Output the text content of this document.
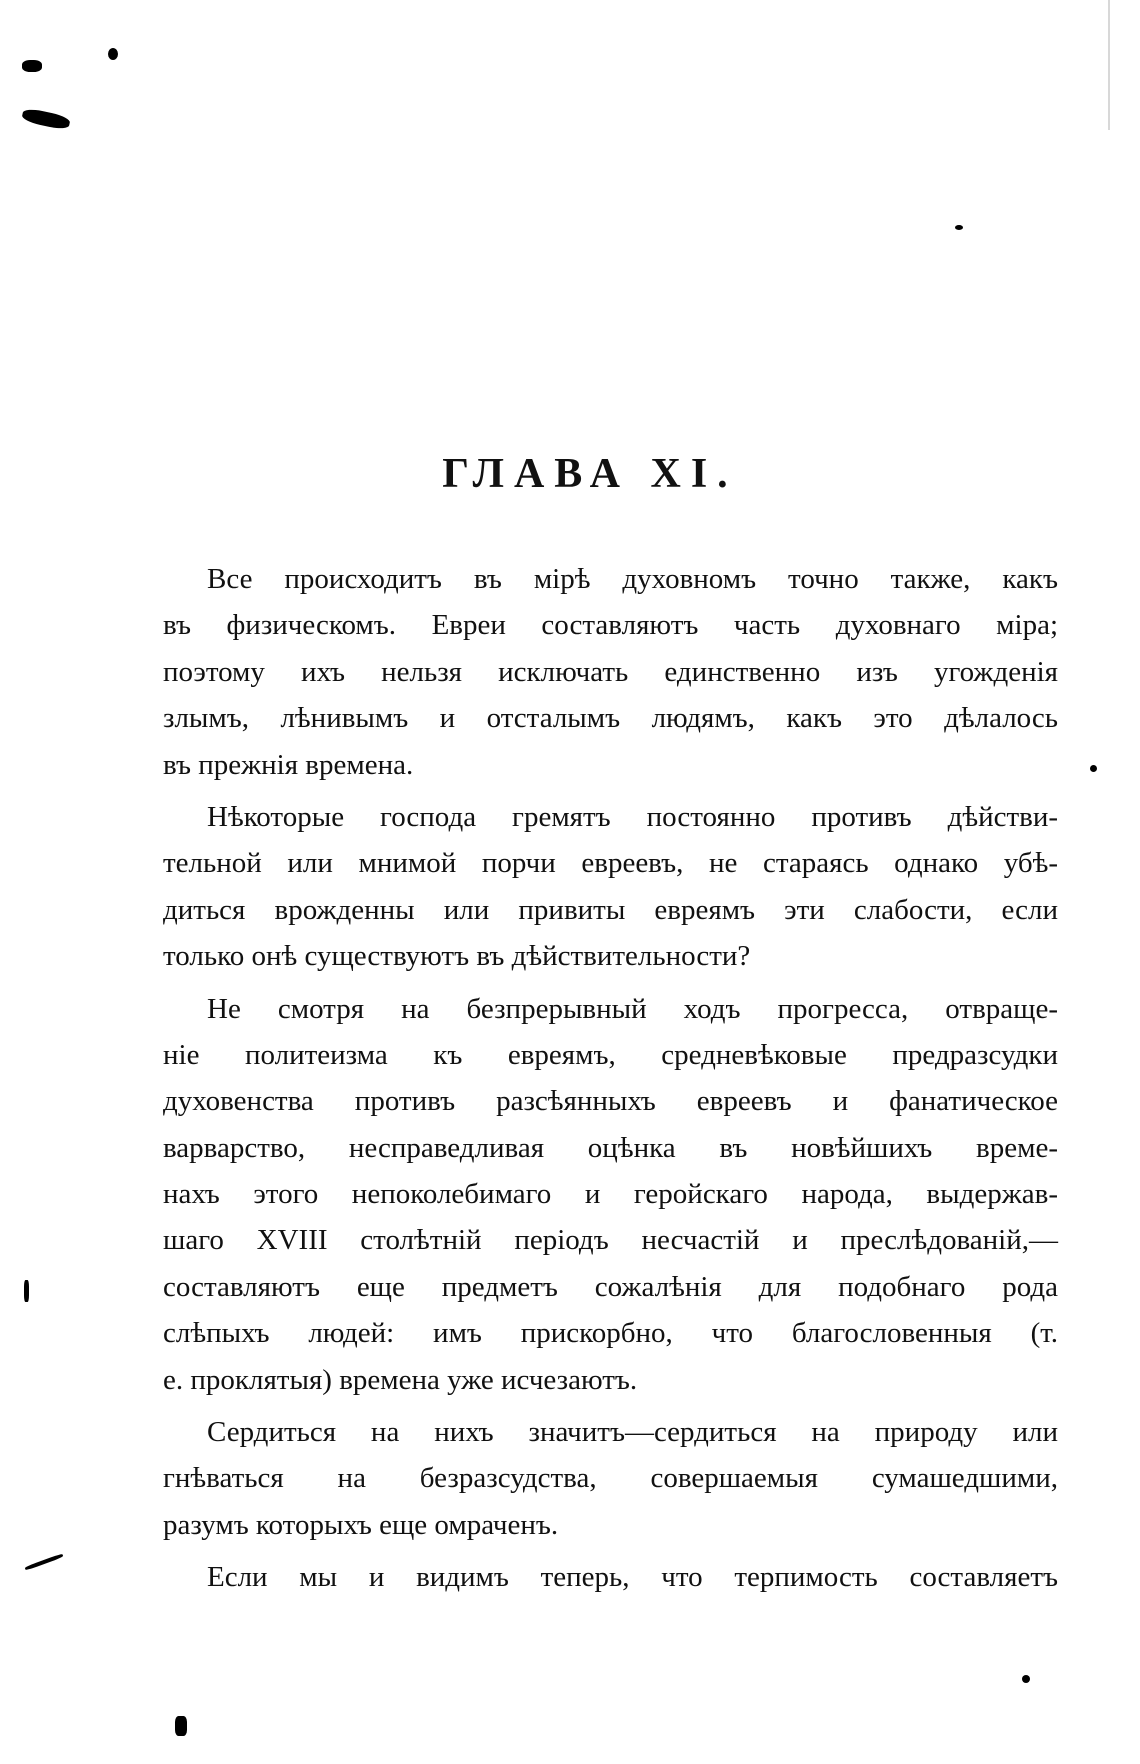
ГЛАВА XI.
Все происходитъ въ мірѣ духовномъ точно также, какъ
въ физическомъ. Евреи составляютъ часть духовнаго міра;
поэтому ихъ нельзя исключать единственно изъ угожденія
злымъ, лѣнивымъ и отсталымъ людямъ, какъ это дѣлалось
въ прежнія времена.
Нѣкоторые господа гремятъ постоянно противъ дѣйстви-
тельной или мнимой порчи евреевъ, не стараясь однако убѣ-
диться врожденны или привиты евреямъ эти слабости, если
только онѣ существуютъ въ дѣйствительности?
Не смотря на безпрерывный ходъ прогресса, отвраще-
ніе политеизма къ евреямъ, средневѣковые предразсудки
духовенства противъ разсѣянныхъ евреевъ и фанатическое
варварство, несправедливая оцѣнка въ новѣйшихъ време-
нахъ этого непоколебимаго и геройскаго народа, выдержав-
шаго XVIII столѣтній періодъ несчастій и преслѣдованій,—
составляютъ еще предметъ сожалѣнія для подобнаго рода
слѣпыхъ людей: имъ прискорбно, что благословенныя (т.
е. проклятыя) времена уже исчезаютъ.
Сердиться на нихъ значитъ—сердиться на природу или
гнѣваться на безразсудства, совершаемыя сумашедшими,
разумъ которыхъ еще омраченъ.
Если мы и видимъ теперь, что терпимость составляетъ
